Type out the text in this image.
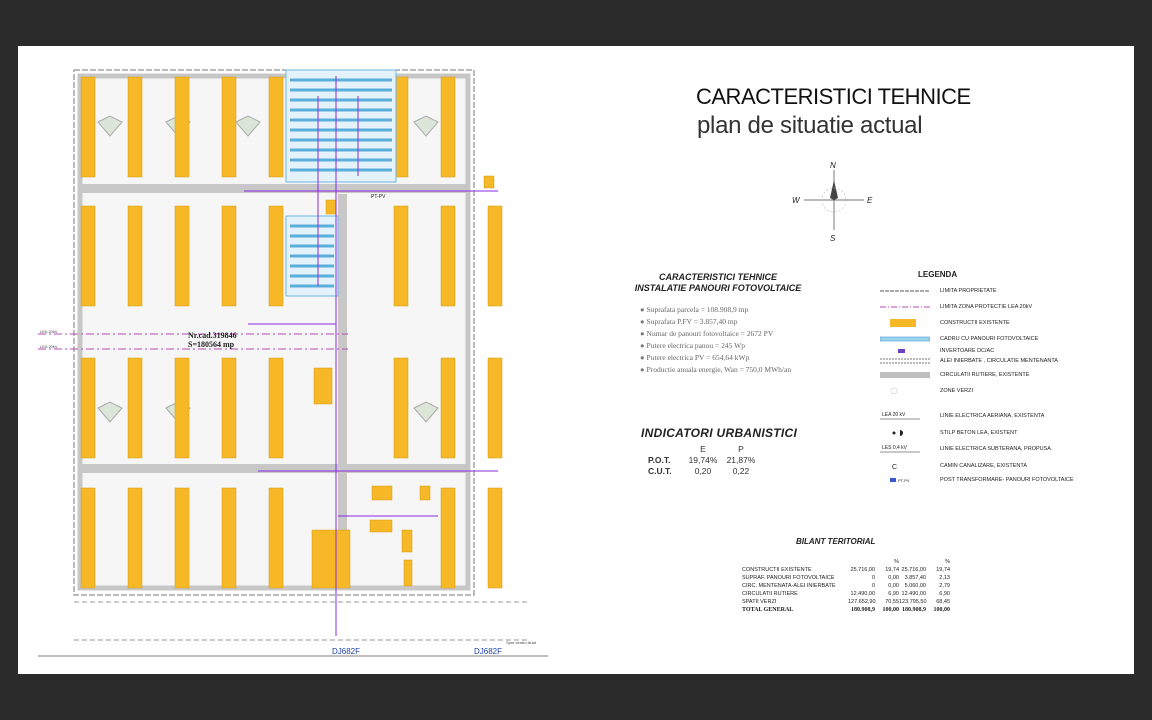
Nr.cad.319846
S=180564 mp
PT-PV
LEA 20kV
LEA 20kV
DJ682F	DJ682F
Spre centru Arad
CARACTERISTICI TEHNICE
plan de situatie actual
N
S
E
W
CARACTERISTICI TEHNICE
INSTALATIE PANOURI FOTOVOLTAICE
● Suprafata parcela = 108.908,9 mp
● Suprafata P.FV = 3.857,40 mp
● Numar de panouri fotovoltaice = 2672 PV
● Putere electrica panou = 245 Wp
● Putere electrica PV = 654,64 kWp
● Productie anuala energie, Wan = 750,0 MWh/an
INDICATORI URBANISTICI
E	P
P.O.T.	19,74%	21,87%
C.U.T.	0,20	0,22
LEGENDA
LIMITA PROPRIETATE
LIMITA ZONA PROTECTIE LEA 20kV
CONSTRUCTII EXISTENTE
CADRU CU PANOURI FOTOVOLTAICE
INVERTOARE DC/AC
ALEI INIERBATE , CIRCULATIE MENTENANTA
CIRCULATII RUTIERE, EXISTENTE
ZONE VERZI
LEA 20 kV	LINIE ELECTRICA AERIANA, EXISTENTA
STILP BETON LEA, EXISTENT
LES 0,4 kV	LINIE ELECTRICA SUBTERANA, PROPUSA
C	CAMIN CANALIZARE, EXISTENTA
PT-PV	POST TRANSFORMARE- PANOURI FOTOVOLTAICE
BILANT TERITORIAL
%	%
CONSTRUCTII EXISTENTE	25.716,00	19,74 25.716,00	19,74
SUPRAF. PANOURI FOTOVOLTAICE	0	0,00	3.857,40	2,13
CIRC. MENTENATA-ALEI INIERBATE	0	0,00	5.060,00	2,79
CIRCULATII RUTIERE	12.490,00	6,90 12.490,00	6,90
SPATII VERZI	127.652,90	70,55 123.795,50	68,45
TOTAL GENERAL	180.908,9	100,00 180.908,9	100,00
